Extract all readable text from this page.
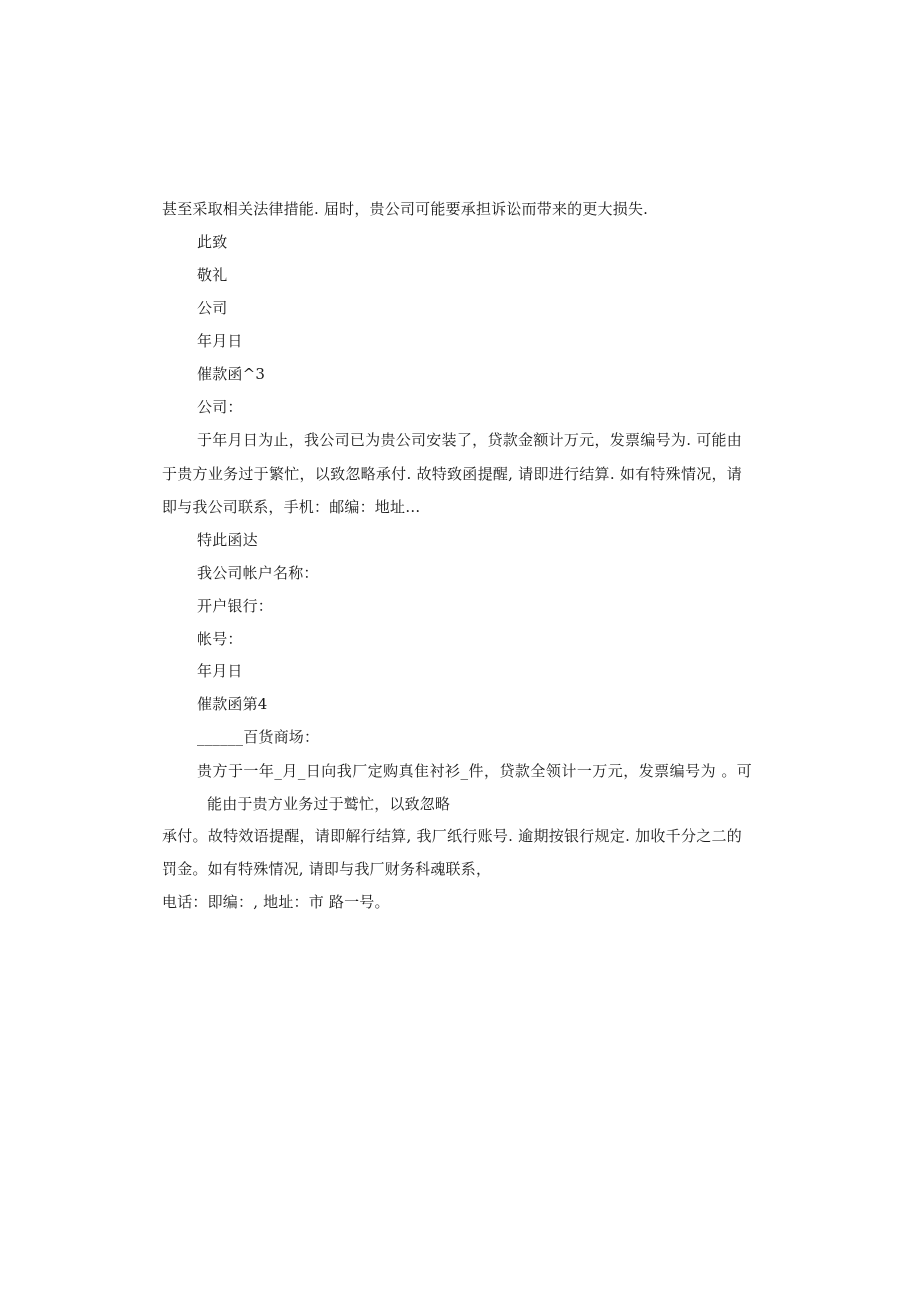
甚至采取相关法律措能. 届时，贵公司可能要承担诉讼而带来的更大损失.
此致
敬礼
公司
年月日
催款函^3
公司：
于年月日为止，我公司已为贵公司安装了，贷款金额计万元，发票编号为. 可能由
于贵方业务过于繁忙，以致忽略承付. 故特致函提醒, 请即进行结算. 如有特殊情况，请
即与我公司联系，手机：邮编：地址…
特此函达
我公司帐户名称：
开户银行：
帐号：
年月日
催款函第4
______百货商场：
贵方于一年_月_日向我厂定购真隹衬衫_件，贷款全领计一万元，发票编号为 。可
能由于贵方业务过于鹫忙，以致忽略
承付。故特效语提醒，请即解行结算, 我厂纸行账号. 逾期按银行规定. 加收千分之二的
罚金。如有特殊情况, 请即与我厂财务科魂联系，
电话：即编：, 地址：市 路一号。
